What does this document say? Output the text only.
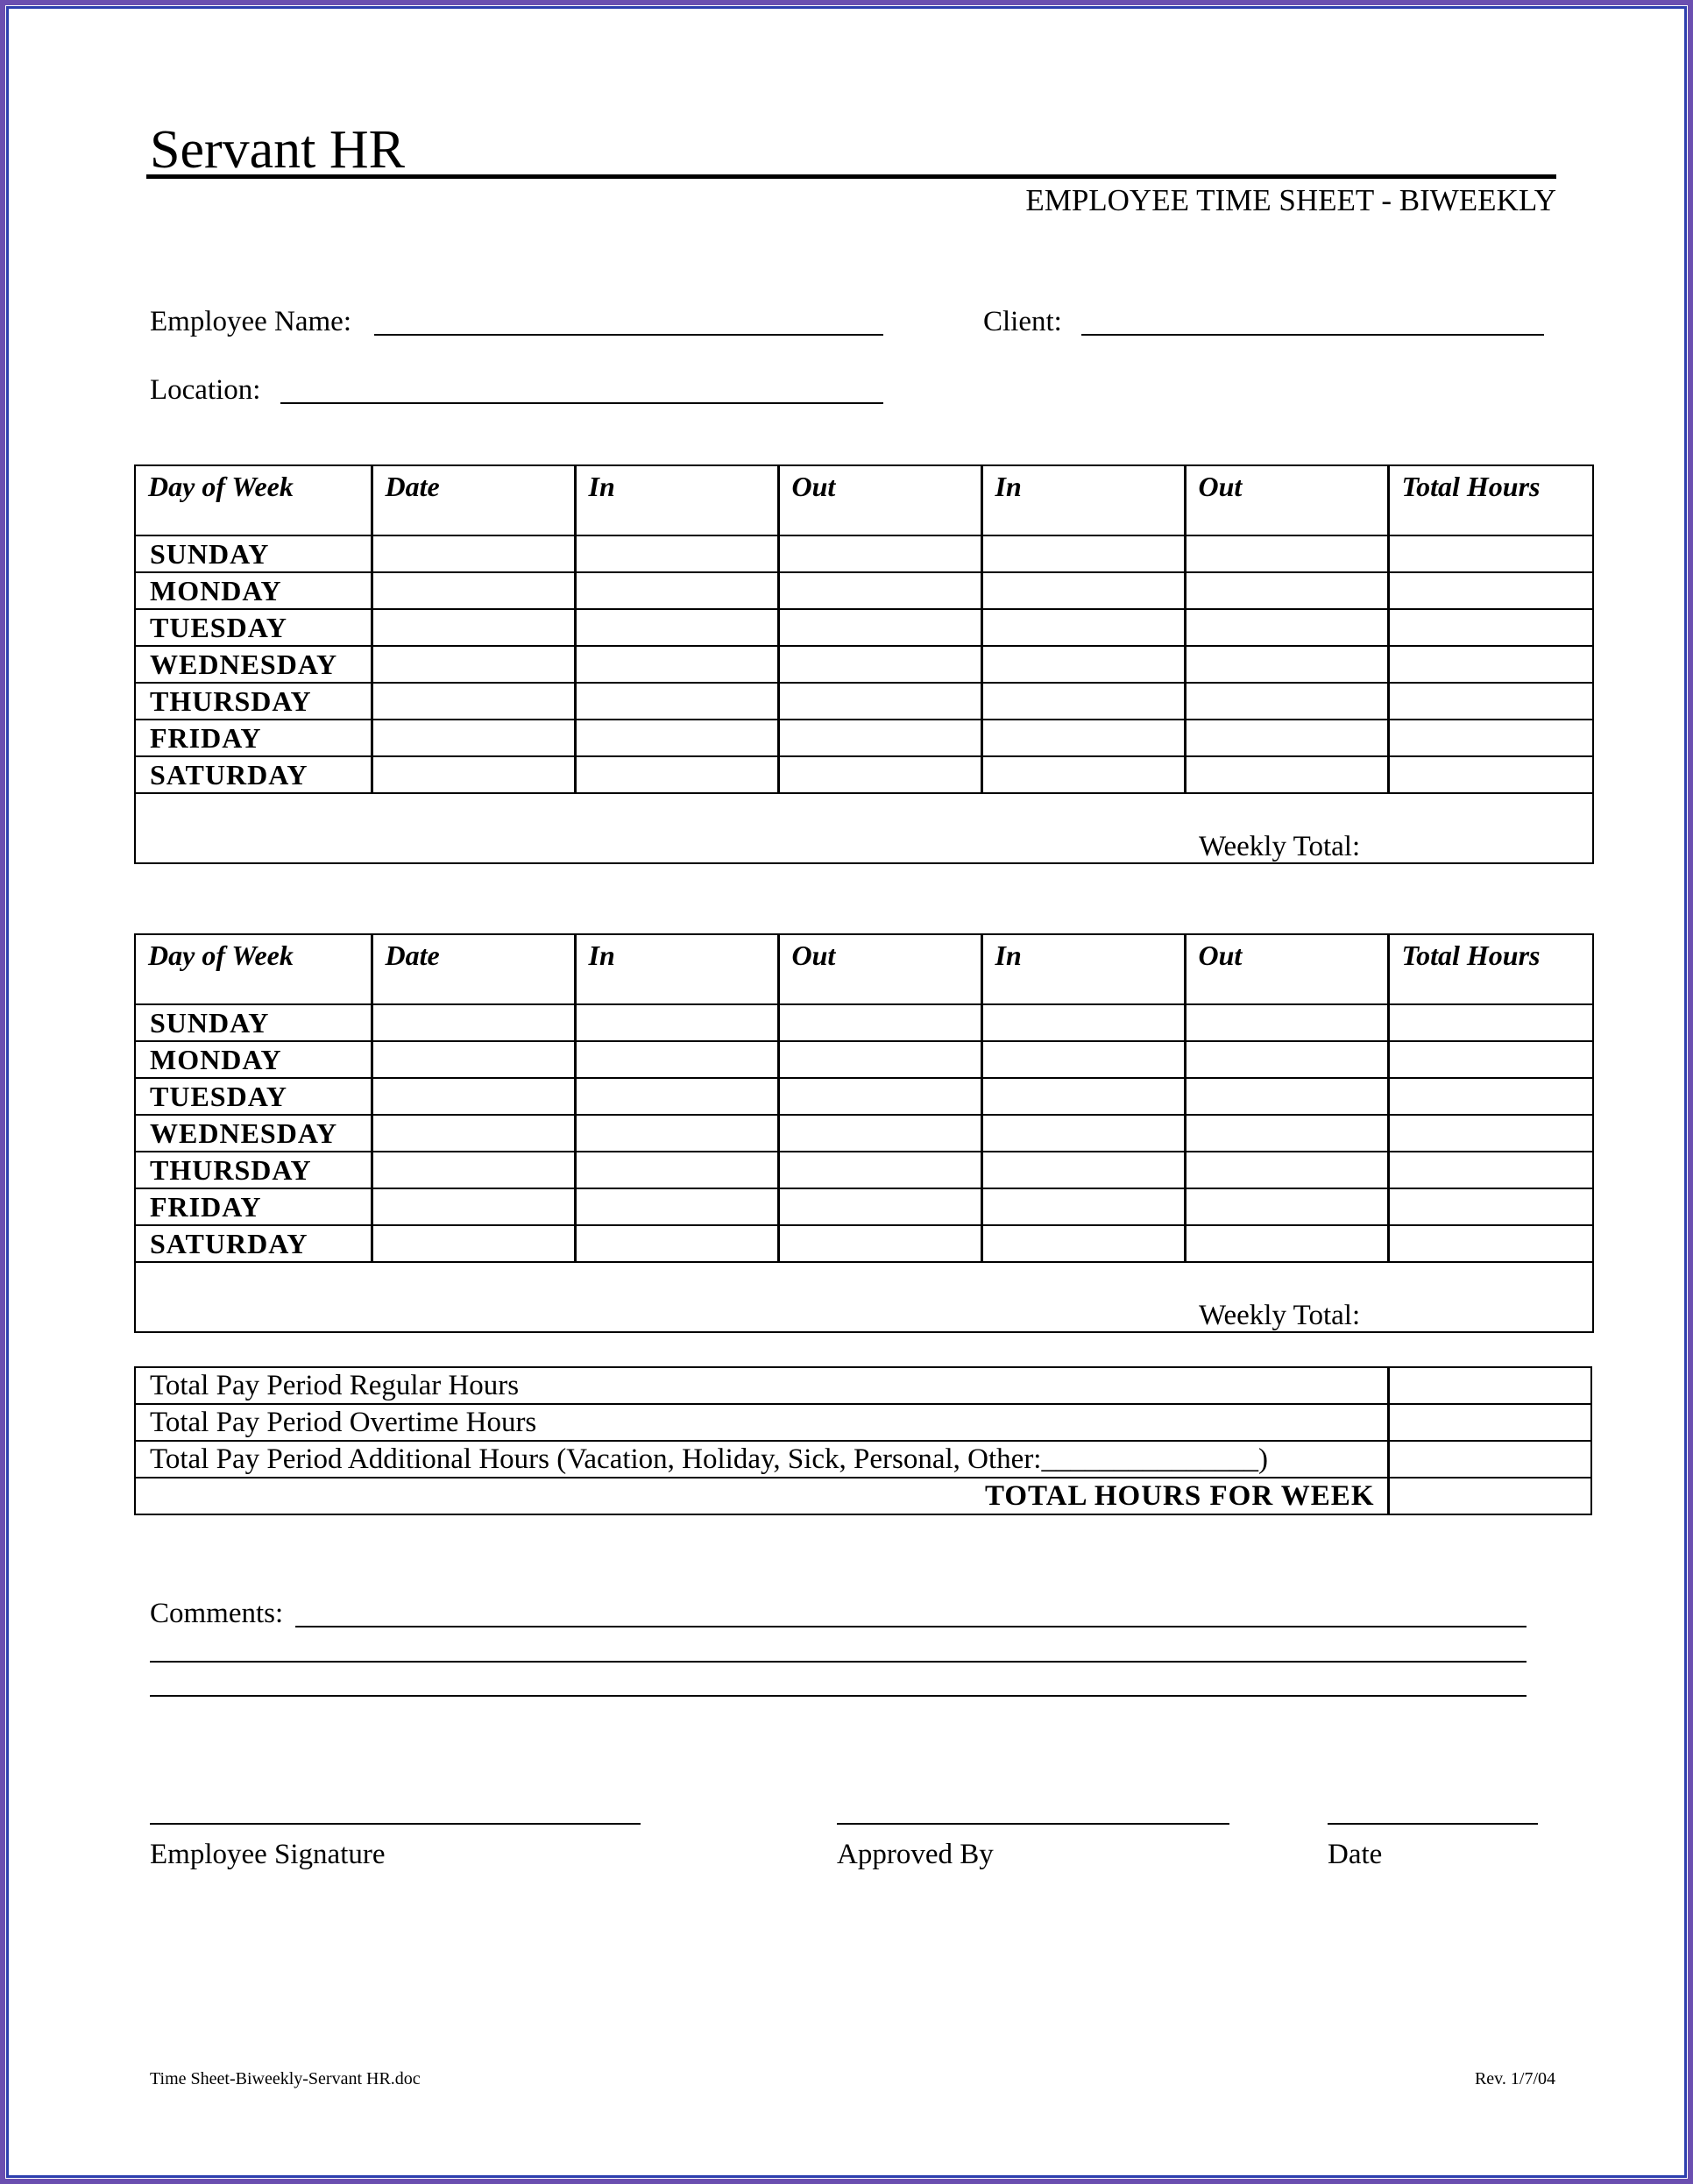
Servant HR
EMPLOYEE TIME SHEET - BIWEEKLY
Employee Name:	Client:
Location:
Day of Week	Date	In	Out	In	Out	Total Hours
SUNDAY						
MONDAY						
TUESDAY						
WEDNESDAY						
THURSDAY						
FRIDAY						
SATURDAY						

Weekly Total:						
Day of Week	Date	In	Out	In	Out	Total Hours
SUNDAY						
MONDAY						
TUESDAY						
WEDNESDAY						
THURSDAY						
FRIDAY						
SATURDAY						

Weekly Total:						
Total Pay Period Regular Hours	
Total Pay Period Overtime Hours	
Total Pay Period Additional Hours (Vacation, Holiday, Sick, Personal, Other:_______________)	
TOTAL HOURS FOR WEEK	
Comments:
Employee Signature	Approved By	Date
Time Sheet-Biweekly-Servant HR.doc	Rev. 1/7/04
